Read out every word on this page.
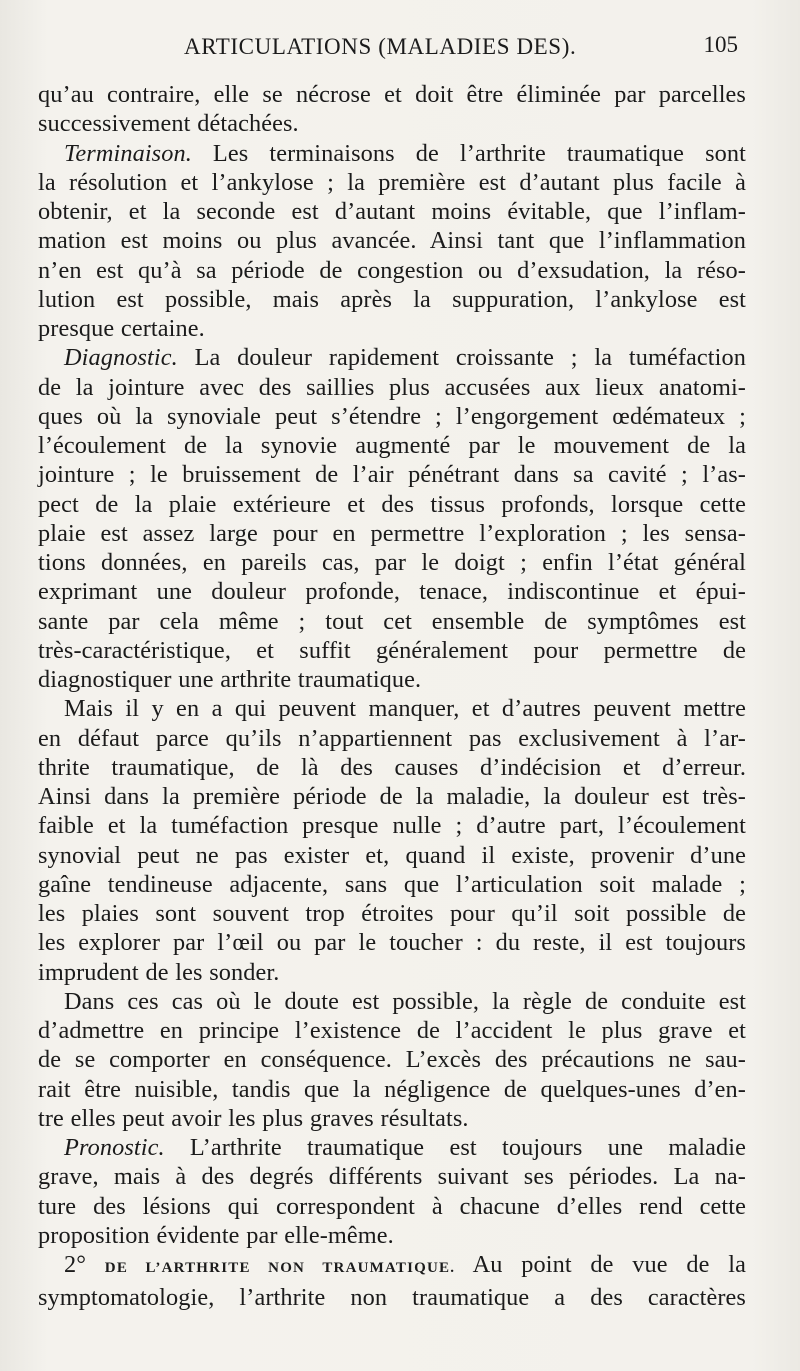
ARTICULATIONS (MALADIES DES).	105
qu’au contraire, elle se nécrose et doit être éliminée par parcelles
successivement détachées.
Terminaison. Les terminaisons de l’arthrite traumatique sont
la résolution et l’ankylose ; la première est d’autant plus facile à
obtenir, et la seconde est d’autant moins évitable, que l’inflam-
mation est moins ou plus avancée. Ainsi tant que l’inflammation
n’en est qu’à sa période de congestion ou d’exsudation, la réso-
lution est possible, mais après la suppuration, l’ankylose est
presque certaine.
Diagnostic. La douleur rapidement croissante ; la tuméfaction
de la jointure avec des saillies plus accusées aux lieux anatomi-
ques où la synoviale peut s’étendre ; l’engorgement œdémateux ;
l’écoulement de la synovie augmenté par le mouvement de la
jointure ; le bruissement de l’air pénétrant dans sa cavité ; l’as-
pect de la plaie extérieure et des tissus profonds, lorsque cette
plaie est assez large pour en permettre l’exploration ; les sensa-
tions données, en pareils cas, par le doigt ; enfin l’état général
exprimant une douleur profonde, tenace, indiscontinue et épui-
sante par cela même ; tout cet ensemble de symptômes est
très-caractéristique, et suffit généralement pour permettre de
diagnostiquer une arthrite traumatique.
Mais il y en a qui peuvent manquer, et d’autres peuvent mettre
en défaut parce qu’ils n’appartiennent pas exclusivement à l’ar-
thrite traumatique, de là des causes d’indécision et d’erreur.
Ainsi dans la première période de la maladie, la douleur est très-
faible et la tuméfaction presque nulle ; d’autre part, l’écoulement
synovial peut ne pas exister et, quand il existe, provenir d’une
gaîne tendineuse adjacente, sans que l’articulation soit malade ;
les plaies sont souvent trop étroites pour qu’il soit possible de
les explorer par l’œil ou par le toucher : du reste, il est toujours
imprudent de les sonder.
Dans ces cas où le doute est possible, la règle de conduite est
d’admettre en principe l’existence de l’accident le plus grave et
de se comporter en conséquence. L’excès des précautions ne sau-
rait être nuisible, tandis que la négligence de quelques-unes d’en-
tre elles peut avoir les plus graves résultats.
Pronostic. L’arthrite traumatique est toujours une maladie
grave, mais à des degrés différents suivant ses périodes. La na-
ture des lésions qui correspondent à chacune d’elles rend cette
proposition évidente par elle-même.
2° DE L’ARTHRITE NON TRAUMATIQUE. Au point de vue de la
symptomatologie, l’arthrite non traumatique a des caractères
